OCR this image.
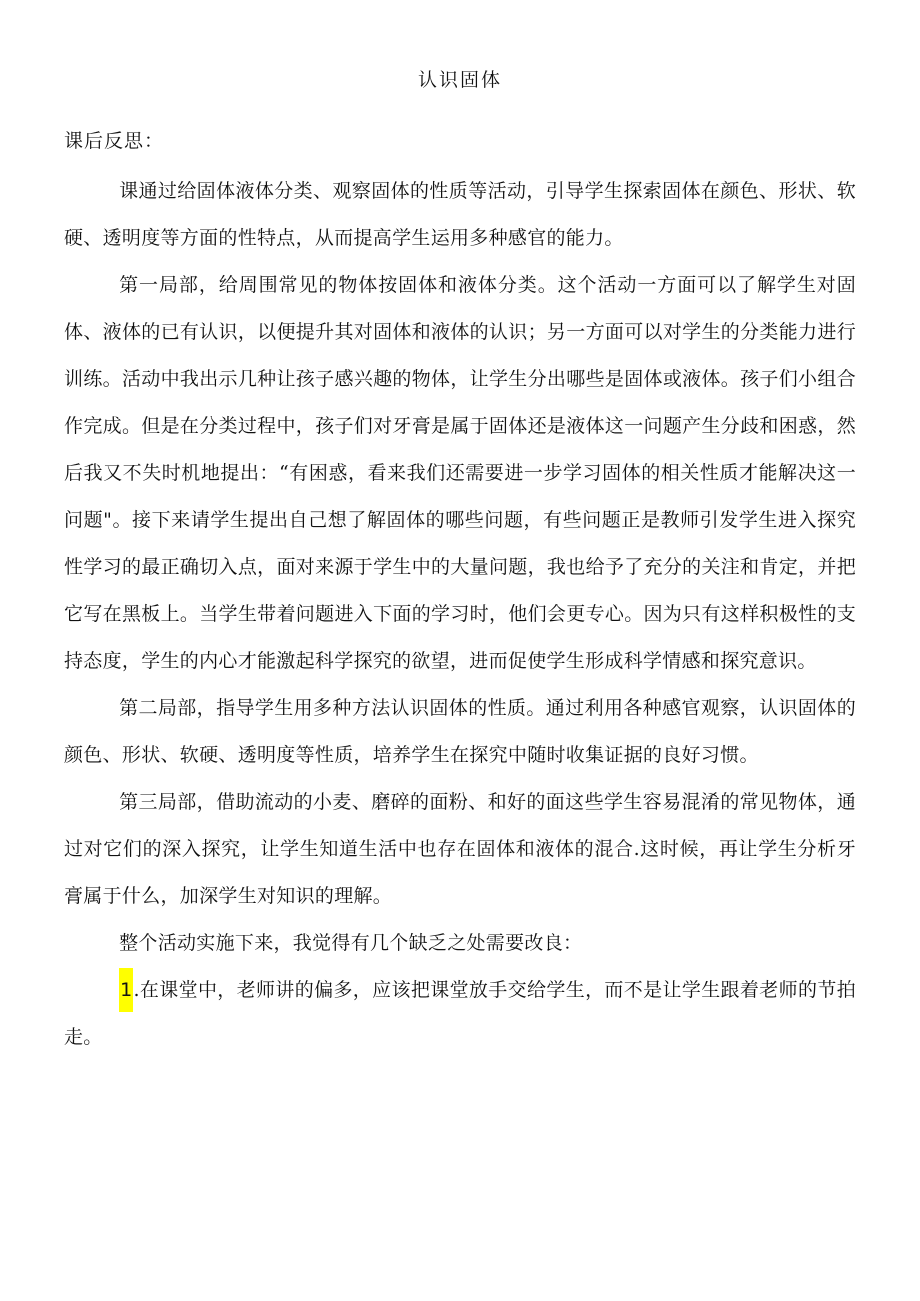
认识固体
课后反思：

课通过给固体液体分类、观察固体的性质等活动，引导学生探索固体在颜色、形状、软硬、透明度等方面的性特点，从而提高学生运用多种感官的能力。

第一局部，给周围常见的物体按固体和液体分类。这个活动一方面可以了解学生对固体、液体的已有认识，以便提升其对固体和液体的认识；另一方面可以对学生的分类能力进行训练。活动中我出示几种让孩子感兴趣的物体，让学生分出哪些是固体或液体。孩子们小组合作完成。但是在分类过程中，孩子们对牙膏是属于固体还是液体这一问题产生分歧和困惑，然后我又不失时机地提出：“有困惑，看来我们还需要进一步学习固体的相关性质才能解决这一问题"。接下来请学生提出自己想了解固体的哪些问题，有些问题正是教师引发学生进入探究性学习的最正确切入点，面对来源于学生中的大量问题，我也给予了充分的关注和肯定，并把它写在黑板上。当学生带着问题进入下面的学习时，他们会更专心。因为只有这样积极性的支持态度，学生的内心才能激起科学探究的欲望，进而促使学生形成科学情感和探究意识。

第二局部，指导学生用多种方法认识固体的性质。通过利用各种感官观察，认识固体的颜色、形状、软硬、透明度等性质，培养学生在探究中随时收集证据的良好习惯。

第三局部，借助流动的小麦、磨碎的面粉、和好的面这些学生容易混淆的常见物体，通过对它们的深入探究，让学生知道生活中也存在固体和液体的混合.这时候，再让学生分析牙膏属于什么，加深学生对知识的理解。

整个活动实施下来，我觉得有几个缺乏之处需要改良：

1.在课堂中，老师讲的偏多，应该把课堂放手交给学生，而不是让学生跟着老师的节拍走。
